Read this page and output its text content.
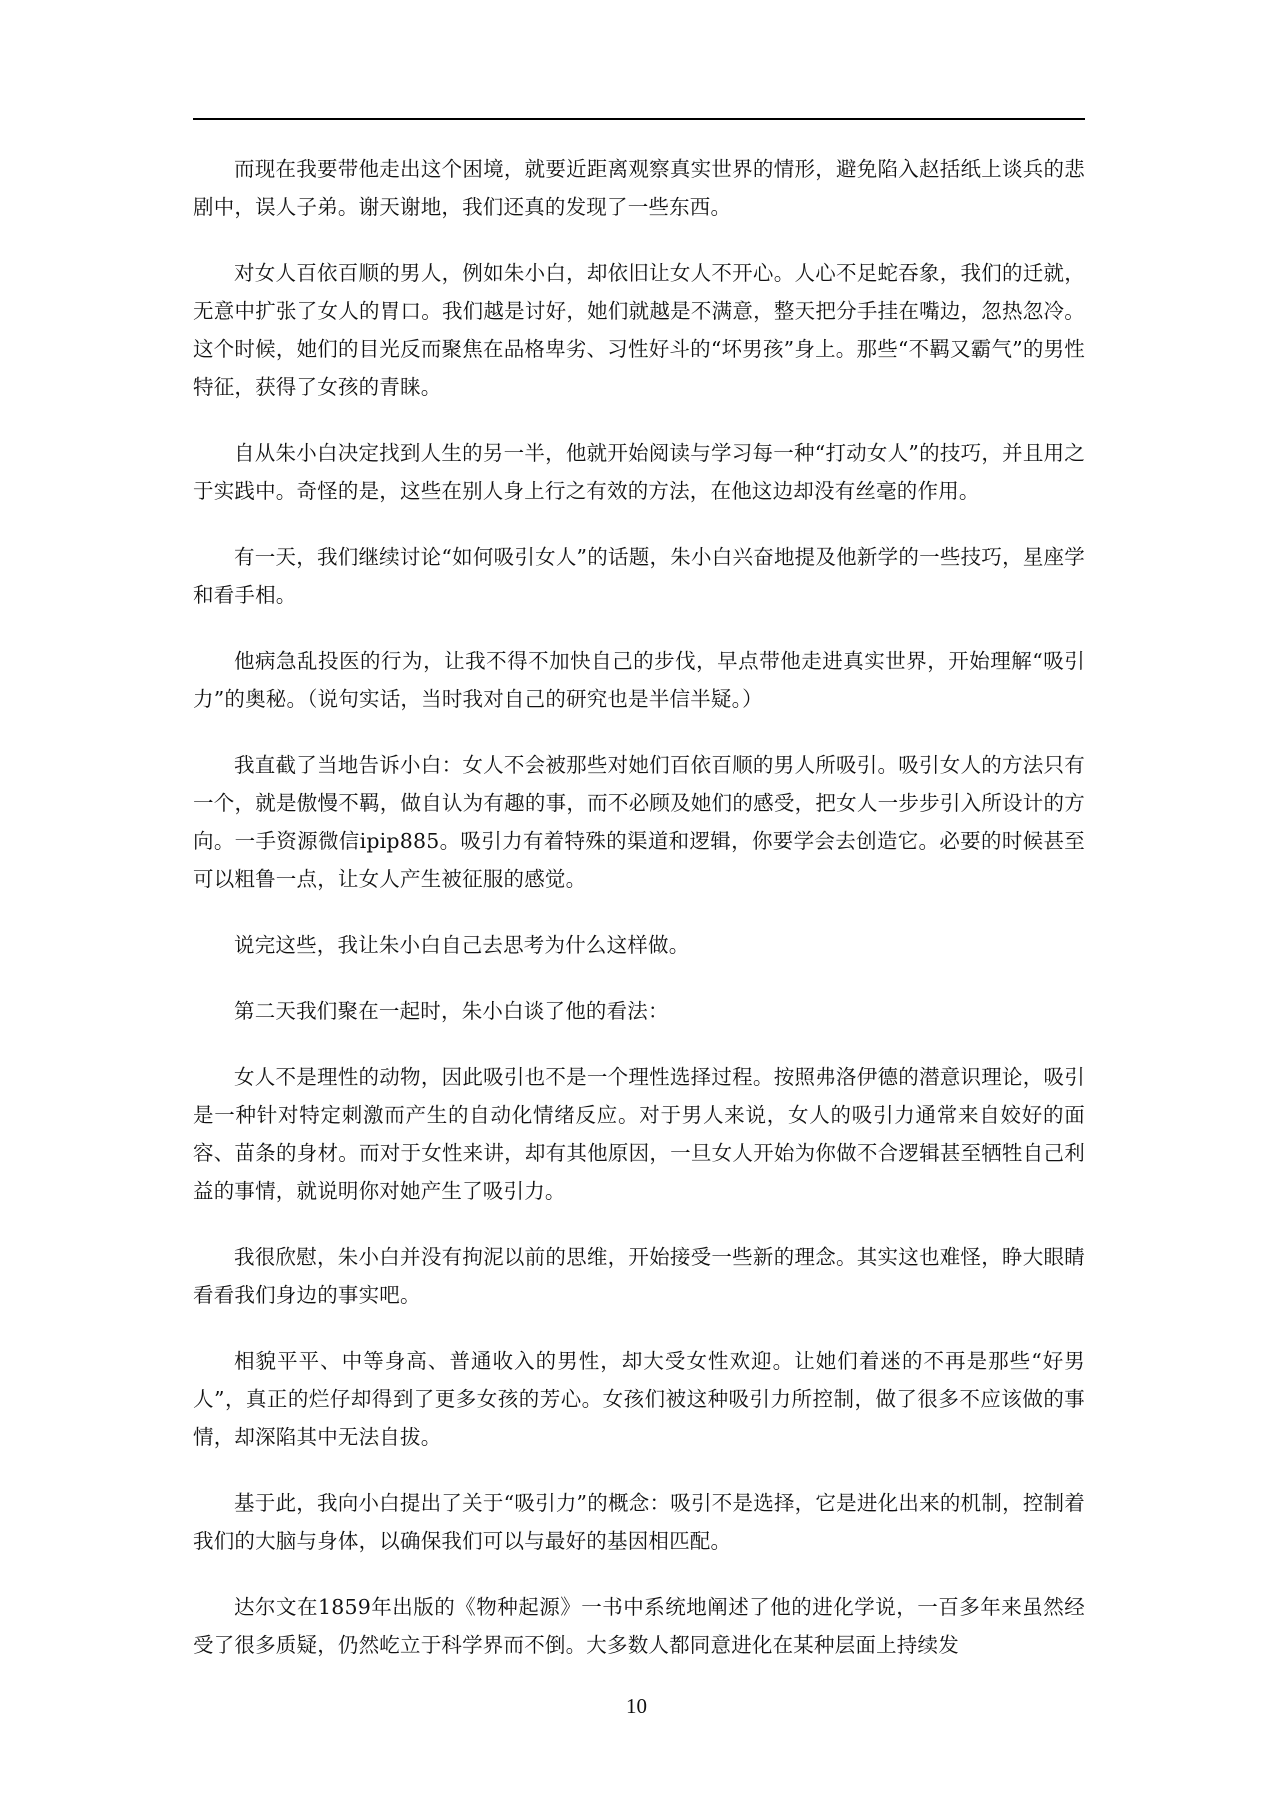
而现在我要带他走出这个困境，就要近距离观察真实世界的情形，避免陷入赵括纸上谈兵的悲剧中，误人子弟。谢天谢地，我们还真的发现了一些东西。

对女人百依百顺的男人，例如朱小白，却依旧让女人不开心。人心不足蛇吞象，我们的迁就，无意中扩张了女人的胃口。我们越是讨好，她们就越是不满意，整天把分手挂在嘴边，忽热忽冷。这个时候，她们的目光反而聚焦在品格卑劣、习性好斗的“坏男孩”身上。那些“不羁又霸气”的男性特征，获得了女孩的青睐。

自从朱小白决定找到人生的另一半，他就开始阅读与学习每一种“打动女人”的技巧，并且用之于实践中。奇怪的是，这些在别人身上行之有效的方法，在他这边却没有丝毫的作用。

有一天，我们继续讨论“如何吸引女人”的话题，朱小白兴奋地提及他新学的一些技巧，星座学和看手相。

他病急乱投医的行为，让我不得不加快自己的步伐，早点带他走进真实世界，开始理解“吸引力”的奥秘。（说句实话，当时我对自己的研究也是半信半疑。）

我直截了当地告诉小白：女人不会被那些对她们百依百顺的男人所吸引。吸引女人的方法只有一个，就是傲慢不羁，做自认为有趣的事，而不必顾及她们的感受，把女人一步步引入所设计的方向。一手资源微信ipip885。吸引力有着特殊的渠道和逻辑，你要学会去创造它。必要的时候甚至可以粗鲁一点，让女人产生被征服的感觉。

说完这些，我让朱小白自己去思考为什么这样做。

第二天我们聚在一起时，朱小白谈了他的看法：

女人不是理性的动物，因此吸引也不是一个理性选择过程。按照弗洛伊德的潜意识理论，吸引是一种针对特定刺激而产生的自动化情绪反应。对于男人来说，女人的吸引力通常来自姣好的面容、苗条的身材。而对于女性来讲，却有其他原因，一旦女人开始为你做不合逻辑甚至牺牲自己利益的事情，就说明你对她产生了吸引力。

我很欣慰，朱小白并没有拘泥以前的思维，开始接受一些新的理念。其实这也难怪，睁大眼睛看看我们身边的事实吧。

相貌平平、中等身高、普通收入的男性，却大受女性欢迎。让她们着迷的不再是那些“好男人”，真正的烂仔却得到了更多女孩的芳心。女孩们被这种吸引力所控制，做了很多不应该做的事情，却深陷其中无法自拔。

基于此，我向小白提出了关于“吸引力”的概念：吸引不是选择，它是进化出来的机制，控制着我们的大脑与身体，以确保我们可以与最好的基因相匹配。

达尔文在1859年出版的《物种起源》一书中系统地阐述了他的进化学说，一百多年来虽然经受了很多质疑，仍然屹立于科学界而不倒。大多数人都同意进化在某种层面上持续发

10
